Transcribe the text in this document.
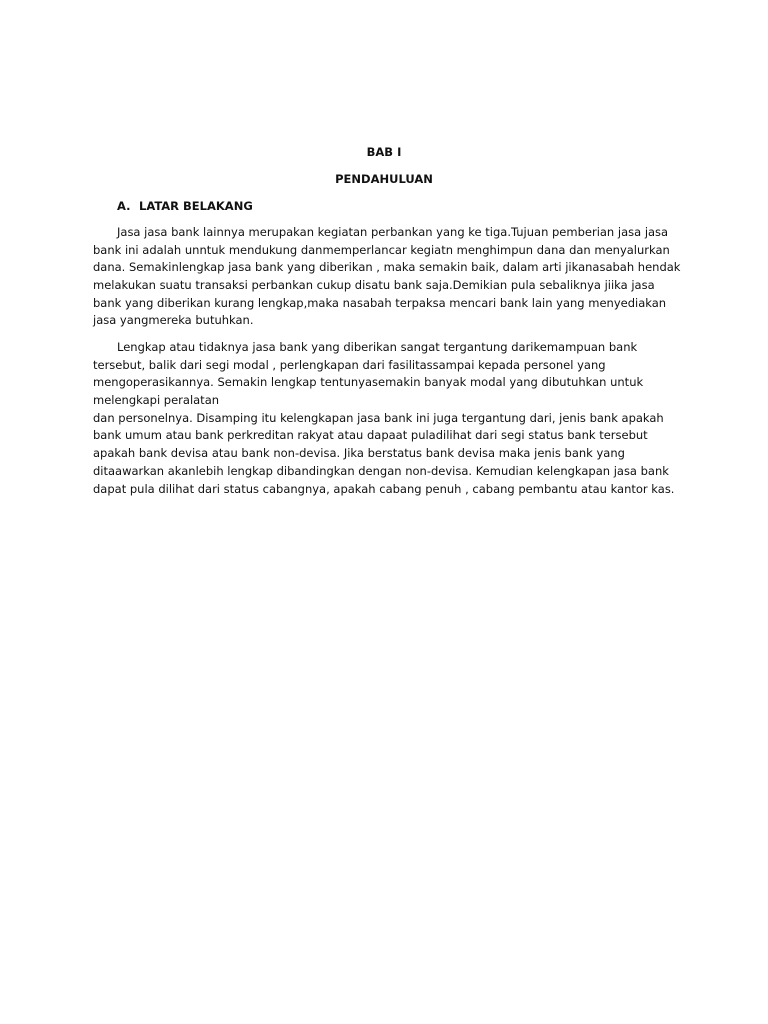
BAB I
PENDAHULUAN
A. LATAR BELAKANG
Jasa jasa bank lainnya merupakan kegiatan perbankan yang ke tiga.Tujuan pemberian jasa jasa
bank ini adalah unntuk mendukung danmemperlancar kegiatn menghimpun dana dan menyalurkan
dana. Semakinlengkap jasa bank yang diberikan , maka semakin baik, dalam arti jikanasabah hendak
melakukan suatu transaksi perbankan cukup disatu bank saja.Demikian pula sebaliknya jiika jasa
bank yang diberikan kurang lengkap,maka nasabah terpaksa mencari bank lain yang menyediakan
jasa yangmereka butuhkan.
Lengkap atau tidaknya jasa bank yang diberikan sangat tergantung darikemampuan bank
tersebut, balik dari segi modal , perlengkapan dari fasilitassampai kepada personel yang
mengoperasikannya. Semakin lengkap tentunyasemakin banyak modal yang dibutuhkan untuk
melengkapi peralatan
dan personelnya. Disamping itu kelengkapan jasa bank ini juga tergantung dari, jenis bank apakah
bank umum atau bank perkreditan rakyat atau dapaat puladilihat dari segi status bank tersebut
apakah bank devisa atau bank non-devisa. Jika berstatus bank devisa maka jenis bank yang
ditaawarkan akanlebih lengkap dibandingkan dengan non-devisa. Kemudian kelengkapan jasa bank
dapat pula dilihat dari status cabangnya, apakah cabang penuh , cabang pembantu atau kantor kas.
